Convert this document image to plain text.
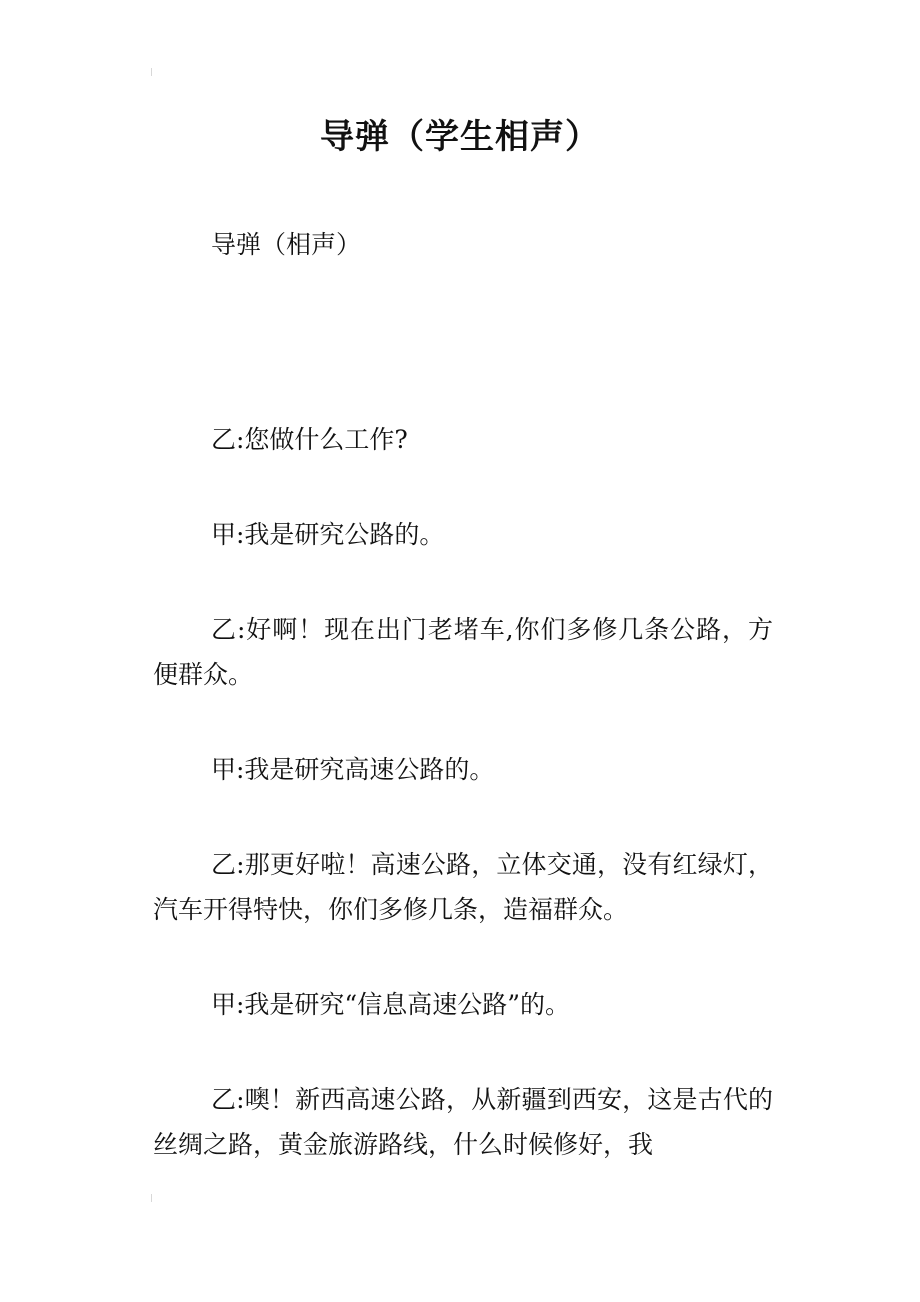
导弹（学生相声）
导弹（相声）

乙:您做什么工作?

甲:我是研究公路的。

乙:好啊！现在出门老堵车,你们多修几条公路，方便群众。

甲:我是研究高速公路的。

乙:那更好啦！高速公路，立体交通，没有红绿灯，汽车开得特快，你们多修几条，造福群众。

甲:我是研究“信息高速公路”的。

乙:噢！新西高速公路，从新疆到西安，这是古代的丝绸之路，黄金旅游路线，什么时候修好，我
